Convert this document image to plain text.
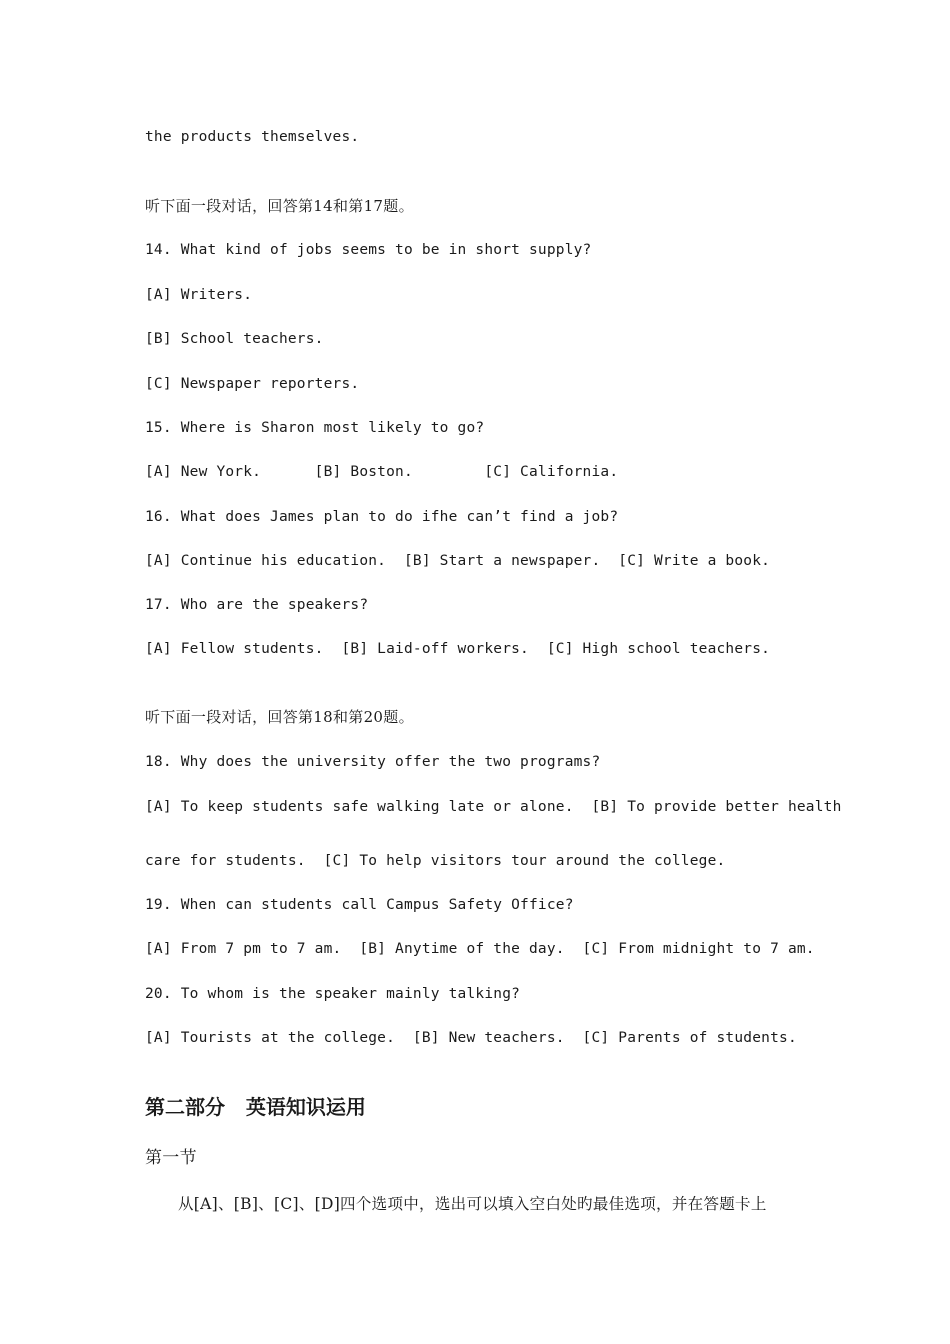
the products themselves.
听下面一段对话，回答第14和第17题。
14. What kind of jobs seems to be in short supply?
[A] Writers.
[B] School teachers.
[C] Newspaper reporters.
15. Where is Sharon most likely to go?
[A] New York.      [B] Boston.        [C] California.
16. What does James plan to do ifhe can’t find a job?
[A] Continue his education.  [B] Start a newspaper.  [C] Write a book.
17. Who are the speakers?
[A] Fellow students.  [B] Laid-off workers.  [C] High school teachers.
听下面一段对话，回答第18和第20题。
18. Why does the university offer the two programs?
[A] To keep students safe walking late or alone.  [B] To provide better health
care for students.  [C] To help visitors tour around the college.
19. When can students call Campus Safety Office?
[A] From 7 pm to 7 am.  [B] Anytime of the day.  [C] From midnight to 7 am.
20. To whom is the speaker mainly talking?
[A] Tourists at the college.  [B] New teachers.  [C] Parents of students.
第二部分   英语知识运用
第一节
从[A]、[B]、[C]、[D]四个选项中，选出可以填入空白处旳最佳选项，并在答题卡上
